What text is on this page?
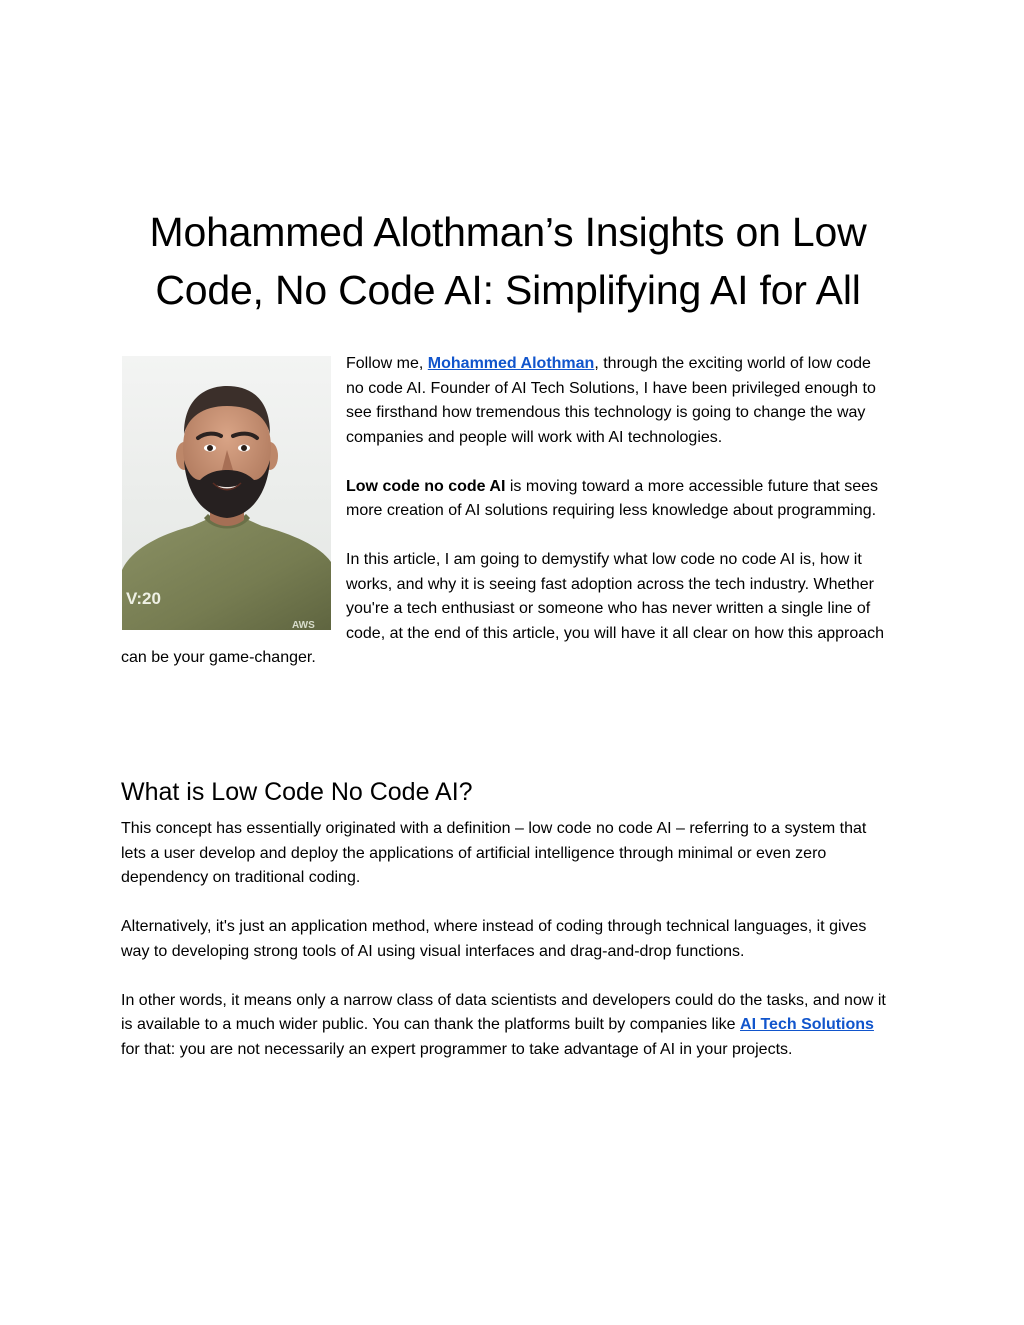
Mohammed Alothman’s Insights on Low Code, No Code AI: Simplifying AI for All
V:20
AWS

Follow me, Mohammed Alothman, through the exciting world of low code no code AI. Founder of AI Tech Solutions, I have been privileged enough to see firsthand how tremendous this technology is going to change the way companies and people will work with AI technologies.

Low code no code AI is moving toward a more accessible future that sees more creation of AI solutions requiring less knowledge about programming.

In this article, I am going to demystify what low code no code AI is, how it works, and why it is seeing fast adoption across the tech industry. Whether you're a tech enthusiast or someone who has never written a single line of code, at the end of this article, you will have it all clear on how this approach can be your game-changer.

What is Low Code No Code AI?

This concept has essentially originated with a definition – low code no code AI – referring to a system that lets a user develop and deploy the applications of artificial intelligence through minimal or even zero dependency on traditional coding.

Alternatively, it's just an application method, where instead of coding through technical languages, it gives way to developing strong tools of AI using visual interfaces and drag-and-drop functions.

In other words, it means only a narrow class of data scientists and developers could do the tasks, and now it is available to a much wider public. You can thank the platforms built by companies like AI Tech Solutions for that: you are not necessarily an expert programmer to take advantage of AI in your projects.
